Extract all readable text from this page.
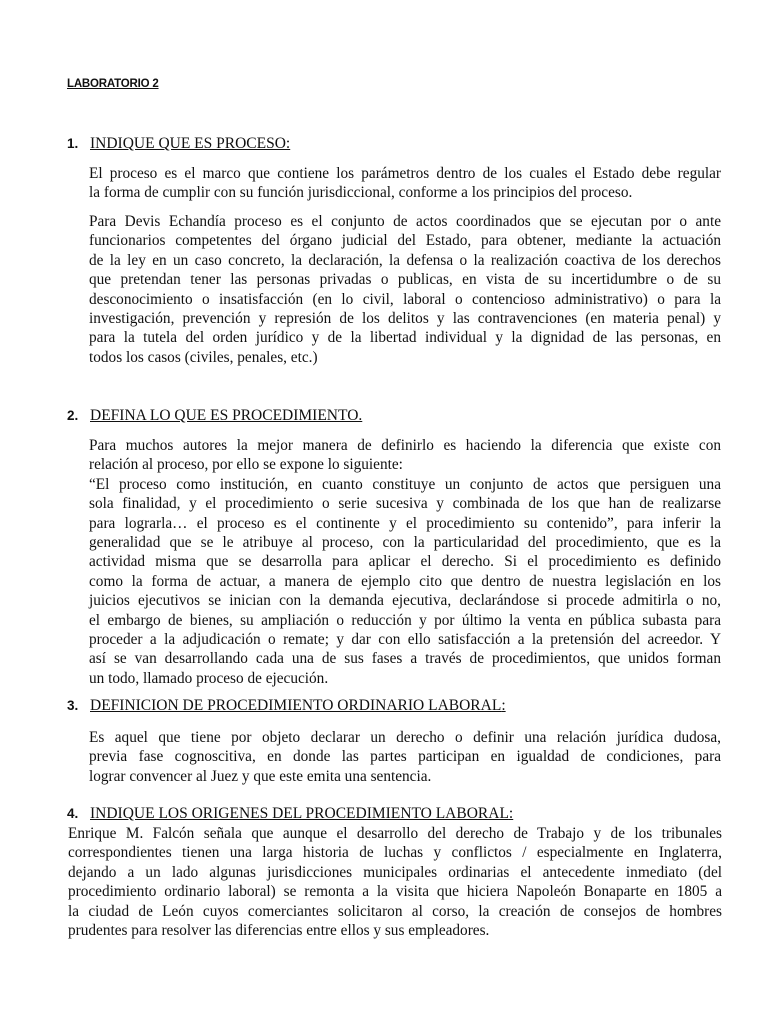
LABORATORIO 2
1. INDIQUE QUE ES PROCESO:
El proceso es el marco que contiene los parámetros dentro de los cuales el Estado debe regular
la forma de cumplir con su función jurisdiccional, conforme a los principios del proceso.
Para Devis Echandía proceso es el conjunto de actos coordinados que se ejecutan por o ante
funcionarios competentes del órgano judicial del Estado, para obtener, mediante la actuación
de la ley en un caso concreto, la declaración, la defensa o la realización coactiva de los derechos
que pretendan tener las personas privadas o publicas, en vista de su incertidumbre o de su
desconocimiento o insatisfacción (en lo civil, laboral o contencioso administrativo) o para la
investigación, prevención y represión de los delitos y las contravenciones (en materia penal) y
para la tutela del orden jurídico y de la libertad individual y la dignidad de las personas, en
todos los casos (civiles, penales, etc.)
2. DEFINA LO QUE ES PROCEDIMIENTO.
Para muchos autores la mejor manera de definirlo es haciendo la diferencia que existe con
relación al proceso, por ello se expone lo siguiente:
“El proceso como institución, en cuanto constituye un conjunto de actos que persiguen una
sola finalidad, y el procedimiento o serie sucesiva y combinada de los que han de realizarse
para lograrla… el proceso es el continente y el procedimiento su contenido”, para inferir la
generalidad que se le atribuye al proceso, con la particularidad del procedimiento, que es la
actividad misma que se desarrolla para aplicar el derecho. Si el procedimiento es definido
como la forma de actuar, a manera de ejemplo cito que dentro de nuestra legislación en los
juicios ejecutivos se inician con la demanda ejecutiva, declarándose si procede admitirla o no,
el embargo de bienes, su ampliación o reducción y por último la venta en pública subasta para
proceder a la adjudicación o remate; y dar con ello satisfacción a la pretensión del acreedor. Y
así se van desarrollando cada una de sus fases a través de procedimientos, que unidos forman
un todo, llamado proceso de ejecución.
3. DEFINICION DE PROCEDIMIENTO ORDINARIO LABORAL:
Es aquel que tiene por objeto declarar un derecho o definir una relación jurídica dudosa,
previa fase cognoscitiva, en donde las partes participan en igualdad de condiciones, para
lograr convencer al Juez y que este emita una sentencia.
4. INDIQUE LOS ORIGENES DEL PROCEDIMIENTO LABORAL:
Enrique M. Falcón señala que aunque el desarrollo del derecho de Trabajo y de los tribunales
correspondientes tienen una larga historia de luchas y conflictos / especialmente en Inglaterra,
dejando a un lado algunas jurisdicciones municipales ordinarias el antecedente inmediato (del
procedimiento ordinario laboral) se remonta a la visita que hiciera Napoleón Bonaparte en 1805 a
la ciudad de León cuyos comerciantes solicitaron al corso, la creación de consejos de hombres
prudentes para resolver las diferencias entre ellos y sus empleadores.
